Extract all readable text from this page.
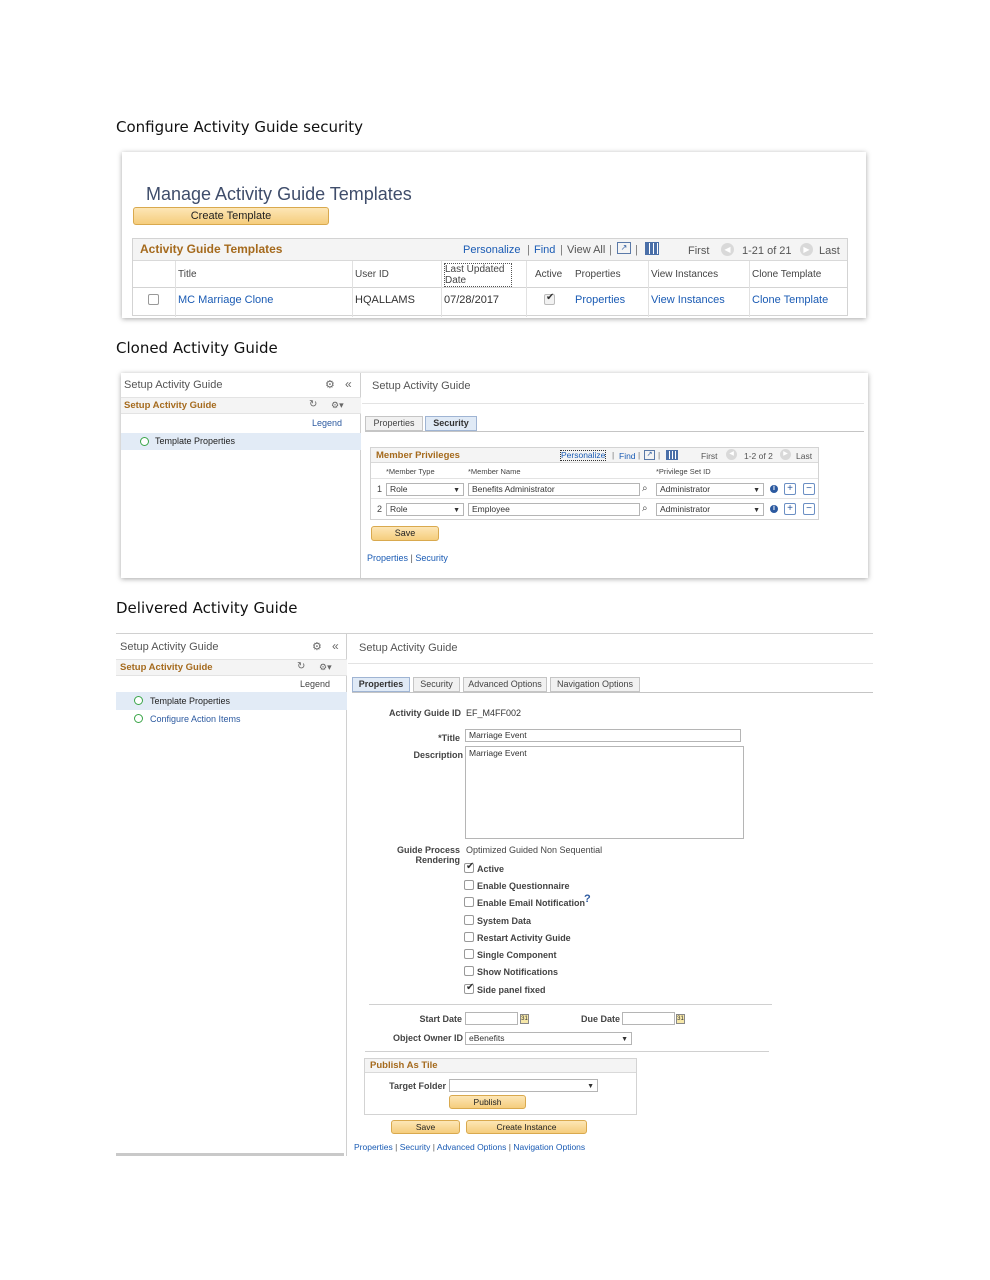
Configure Activity Guide security
Cloned Activity Guide
Delivered Activity Guide
Manage Activity Guide Templates
Create Template
Activity Guide Templates	Personalize | Find | View All |	↗ |	First	◀	1-21 of 21	▶ Last
Title	User ID	Last Updated Date
Active Properties	View Instances	Clone Template
MC Marriage Clone	HQALLAMS	07/28/2017
✔	Properties View Instances Clone Template
Setup Activity Guide	⚙ «
Setup Activity Guide	↻ ⚙▾
Legend
Template Properties
Setup Activity Guide
Properties	Security
Member Privileges	Personalize | Find | ↗ |	First	◀	1-2 of 2	▶ Last
*Member Type	*Member Name	*Privilege Set ID
1 Role ▼	Benefits Administrator	⌕	Administrator ▼	i	+	−
2 Role ▼	Employee	⌕	Administrator ▼	i	+	−
Save
Properties | Security
Setup Activity Guide	⚙ «
Setup Activity Guide	↻ ⚙▾
Legend
Template Properties
Configure Action Items
Setup Activity Guide
Properties	Security	Advanced Options	Navigation Options
Activity Guide ID EF_M4FF002
*Title	Marriage Event
Description Marriage Event
Guide Process Rendering
Optimized Guided Non Sequential
✔
Active
Enable Questionnaire
Enable Email Notification
?
System Data
Restart Activity Guide
Single Component
Show Notifications
✔
Side panel fixed
Start Date	31	Due Date	31
Object Owner ID eBenefits ▼
Publish As Tile
Target Folder
▼
Publish
Save	Create Instance
Properties | Security | Advanced Options | Navigation Options
